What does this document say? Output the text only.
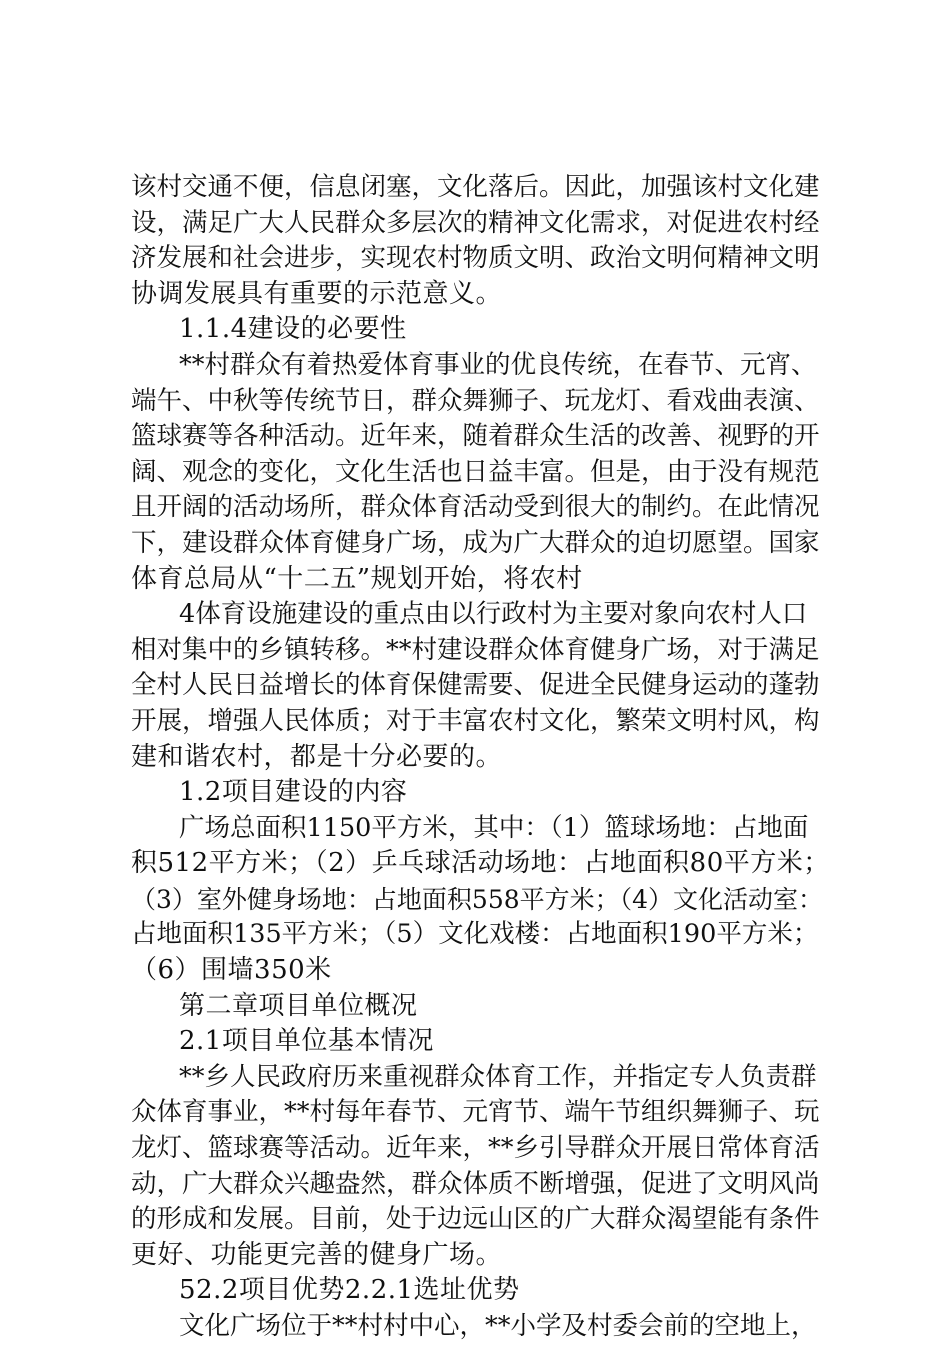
该村交通不便，信息闭塞，文化落后。因此，加强该村文化建
设，满足广大人民群众多层次的精神文化需求，对促进农村经
济发展和社会进步，实现农村物质文明、政治文明何精神文明
协调发展具有重要的示范意义。
1.1.4建设的必要性
**村群众有着热爱体育事业的优良传统，在春节、元宵、
端午、中秋等传统节日，群众舞狮子、玩龙灯、看戏曲表演、
篮球赛等各种活动。近年来，随着群众生活的改善、视野的开
阔、观念的变化，文化生活也日益丰富。但是，由于没有规范
且开阔的活动场所，群众体育活动受到很大的制约。在此情况
下，建设群众体育健身广场，成为广大群众的迫切愿望。国家
体育总局从“十二五”规划开始，将农村
4体育设施建设的重点由以行政村为主要对象向农村人口
相对集中的乡镇转移。**村建设群众体育健身广场，对于满足
全村人民日益增长的体育保健需要、促进全民健身运动的蓬勃
开展，增强人民体质；对于丰富农村文化，繁荣文明村风，构
建和谐农村，都是十分必要的。
1.2项目建设的内容
广场总面积1150平方米，其中：（1）篮球场地：占地面
积512平方米；（2）乒乓球活动场地：占地面积80平方米；
（3）室外健身场地：占地面积558平方米；（4）文化活动室：
占地面积135平方米；（5）文化戏楼：占地面积190平方米；
（6）围墙350米
第二章项目单位概况
2.1项目单位基本情况
**乡人民政府历来重视群众体育工作，并指定专人负责群
众体育事业，**村每年春节、元宵节、端午节组织舞狮子、玩
龙灯、篮球赛等活动。近年来，**乡引导群众开展日常体育活
动，广大群众兴趣盎然，群众体质不断增强，促进了文明风尚
的形成和发展。目前，处于边远山区的广大群众渴望能有条件
更好、功能更完善的健身广场。
52.2项目优势2.2.1选址优势
文化广场位于**村村中心，**小学及村委会前的空地上，
